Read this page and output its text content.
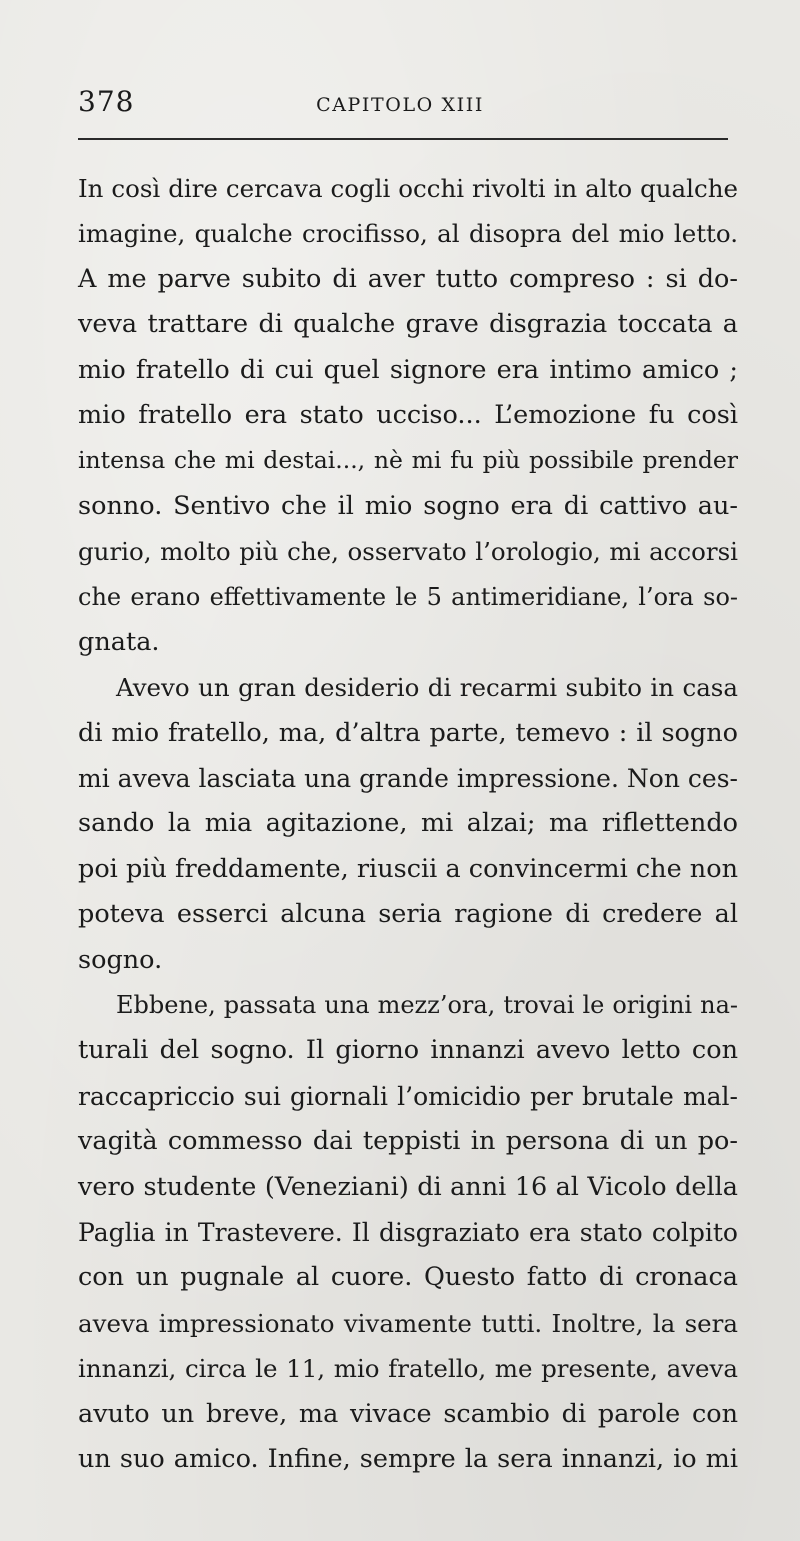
378	CAPITOLO XIII
In così dire cercava cogli occhi rivolti in alto qualche
imagine, qualche crocifisso, al disopra del mio letto.
A me parve subito di aver tutto compreso : si do-
veva trattare di qualche grave disgrazia toccata a
mio fratello di cui quel signore era intimo amico ;
mio fratello era stato ucciso... L’emozione fu così
intensa che mi destai..., nè mi fu più possibile prender
sonno. Sentivo che il mio sogno era di cattivo au-
gurio, molto più che, osservato l’orologio, mi accorsi
che erano effettivamente le 5 antimeridiane, l’ora so-
gnata.
Avevo un gran desiderio di recarmi subito in casa
di mio fratello, ma, d’altra parte, temevo : il sogno
mi aveva lasciata una grande impressione. Non ces-
sando la mia agitazione, mi alzai; ma riflettendo
poi più freddamente, riuscii a convincermi che non
poteva esserci alcuna seria ragione di credere al
sogno.
Ebbene, passata una mezz’ora, trovai le origini na-
turali del sogno. Il giorno innanzi avevo letto con
raccapriccio sui giornali l’omicidio per brutale mal-
vagità commesso dai teppisti in persona di un po-
vero studente (Veneziani) di anni 16 al Vicolo della
Paglia in Trastevere. Il disgraziato era stato colpito
con un pugnale al cuore. Questo fatto di cronaca
aveva impressionato vivamente tutti. Inoltre, la sera
innanzi, circa le 11, mio fratello, me presente, aveva
avuto un breve, ma vivace scambio di parole con
un suo amico. Infine, sempre la sera innanzi, io mi
